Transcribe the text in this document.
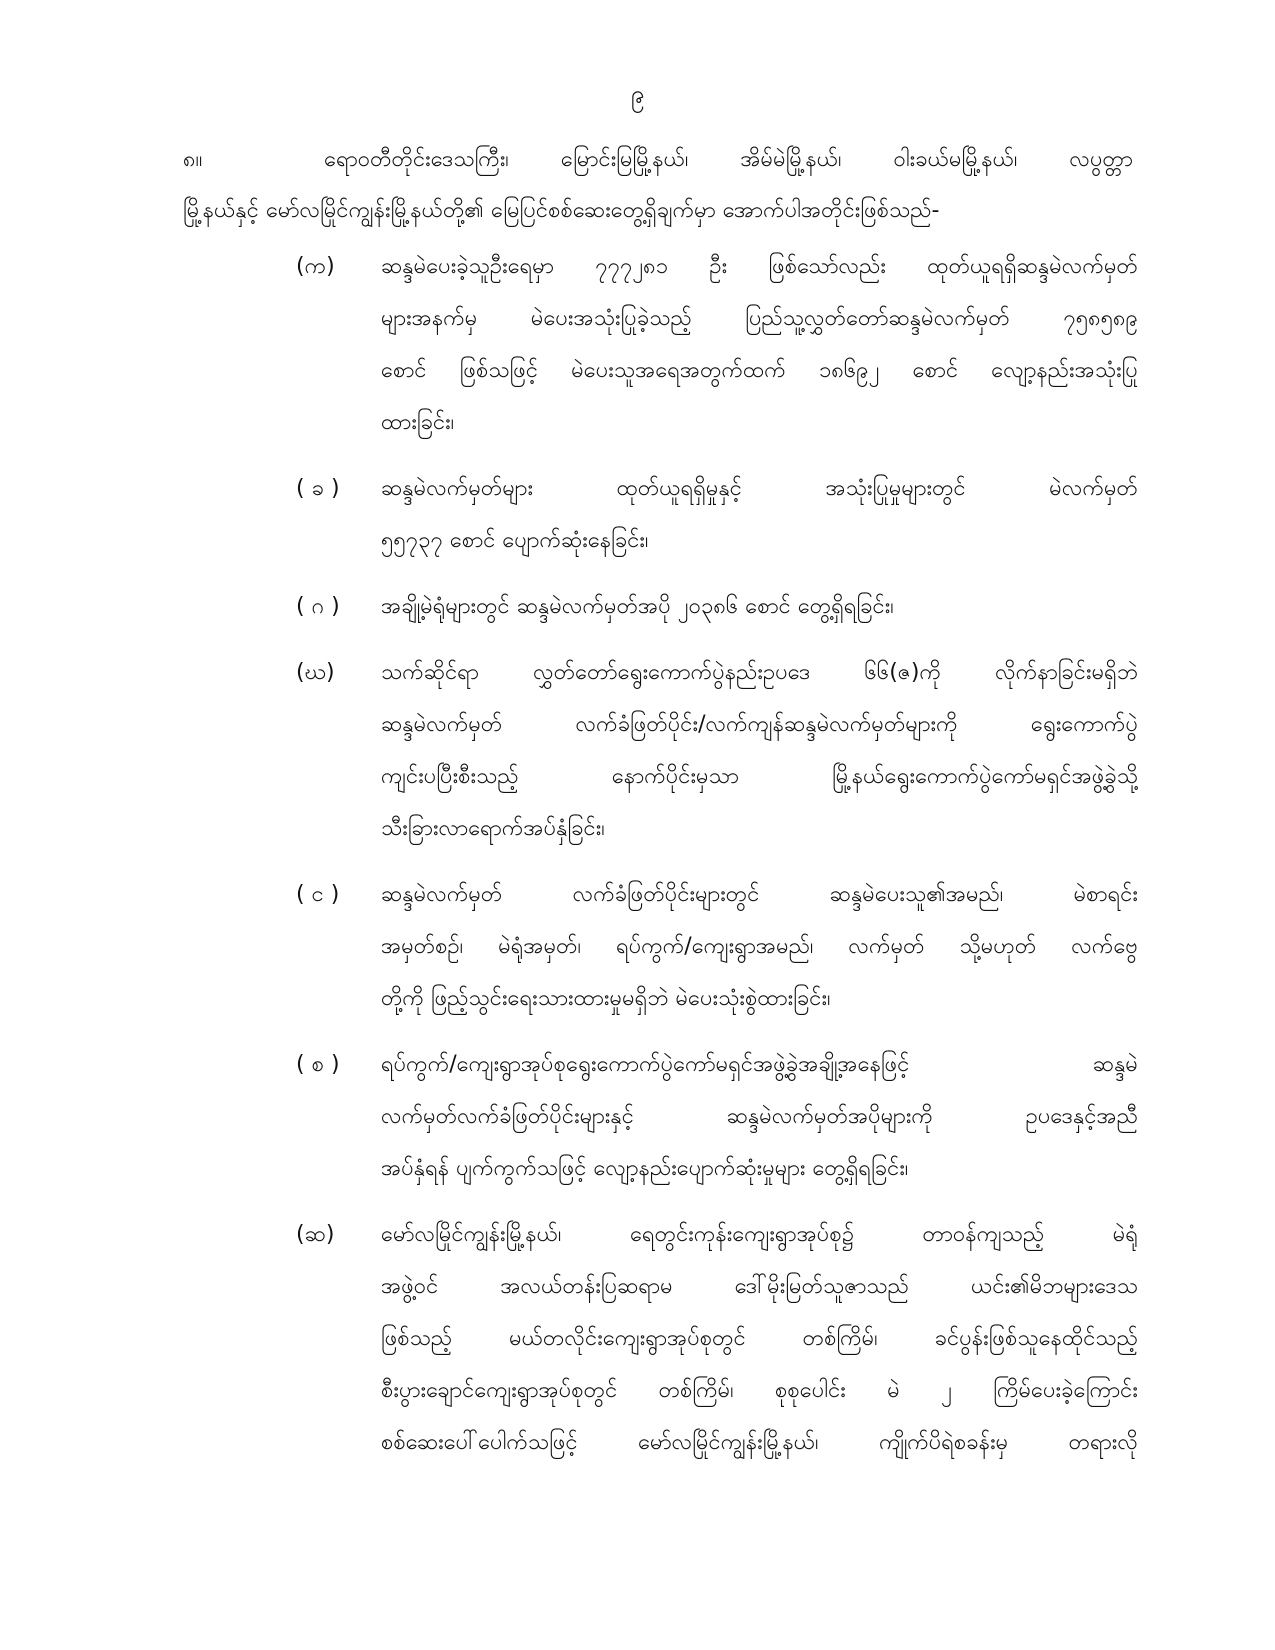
၉
၈။	ရောဝတီတိုင်းဒေသကြီး၊ မြောင်းမြမြို့နယ်၊ အိမ်မဲမြို့နယ်၊ ဝါးခယ်မမြို့နယ်၊ လပွတ္တာ
မြို့နယ်နှင့် မော်လမြိုင်ကျွန်းမြို့နယ်တို့၏ မြေပြင်စစ်ဆေးတွေ့ရှိချက်မှာ အောက်ပါအတိုင်းဖြစ်သည်-
(က)	ဆန္ဒမဲပေးခဲ့သူဦးရေမှာ ၇၇၇၂၈၁ ဦး ဖြစ်သော်လည်း ထုတ်ယူရရှိဆန္ဒမဲလက်မှတ်
များအနက်မှ မဲပေးအသုံးပြုခဲ့သည့် ပြည်သူ့လွှတ်တော်ဆန္ဒမဲလက်မှတ် ၇၅၈၅၈၉
စောင် ဖြစ်သဖြင့် မဲပေးသူအရေအတွက်ထက် ၁၈၆၉၂ စောင် လျော့နည်းအသုံးပြု
ထားခြင်း၊
( ခ )	ဆန္ဒမဲလက်မှတ်များ	ထုတ်ယူရရှိမှုနှင့်	အသုံးပြုမှုများတွင်	မဲလက်မှတ်
၅၅၇၃၇ စောင် ပျောက်ဆုံးနေခြင်း၊
( ဂ )	အချို့မဲရုံများတွင် ဆန္ဒမဲလက်မှတ်အပို ၂၀၃၈၆ စောင် တွေ့ရှိရခြင်း၊
(ဃ)	သက်ဆိုင်ရာ လွှတ်တော်ရွေးကောက်ပွဲနည်းဥပဒေ ၆၆(ဇ)ကို လိုက်နာခြင်းမရှိဘဲ
ဆန္ဒမဲလက်မှတ်	လက်ခံဖြတ်ပိုင်း/လက်ကျန်ဆန္ဒမဲလက်မှတ်များကို	ရွေးကောက်ပွဲ
ကျင်းပပြီးစီးသည့်	နောက်ပိုင်းမှသာ	မြို့နယ်ရွေးကောက်ပွဲကော်မရှင်အဖွဲ့ခွဲသို့
သီးခြားလာရောက်အပ်နှံခြင်း၊
( င )	ဆန္ဒမဲလက်မှတ်	လက်ခံဖြတ်ပိုင်းများတွင်	ဆန္ဒမဲပေးသူ၏အမည်၊	မဲစာရင်း
အမှတ်စဉ်၊ မဲရုံအမှတ်၊ ရပ်ကွက်/ကျေးရွာအမည်၊ လက်မှတ် သို့မဟုတ် လက်ဗွေ
တို့ကို ဖြည့်သွင်းရေးသားထားမှုမရှိဘဲ မဲပေးသုံးစွဲထားခြင်း၊
( စ )	ရပ်ကွက်/ကျေးရွာအုပ်စုရွေးကောက်ပွဲကော်မရှင်အဖွဲ့ခွဲအချို့အနေဖြင့်	ဆန္ဒမဲ
လက်မှတ်လက်ခံဖြတ်ပိုင်းများနှင့်	ဆန္ဒမဲလက်မှတ်အပိုများကို	ဥပဒေနှင့်အညီ
အပ်နှံရန် ပျက်ကွက်သဖြင့် လျော့နည်းပျောက်ဆုံးမှုများ တွေ့ရှိရခြင်း၊
(ဆ)	မော်လမြိုင်ကျွန်းမြို့နယ်၊	ရေတွင်းကုန်းကျေးရွာအုပ်စု၌	တာဝန်ကျသည့်	မဲရုံ
အဖွဲ့ဝင်	အလယ်တန်းပြဆရာမ	ဒေါ်မိုးမြတ်သူဇာသည်	ယင်း၏မိဘများဒေသ
ဖြစ်သည့်	မယ်တလိုင်းကျေးရွာအုပ်စုတွင်	တစ်ကြိမ်၊	ခင်ပွန်းဖြစ်သူနေထိုင်သည့်
စီးပွားချောင်ကျေးရွာအုပ်စုတွင် တစ်ကြိမ်၊ စုစုပေါင်း မဲ ၂ ကြိမ်ပေးခဲ့ကြောင်း
စစ်ဆေးပေါ်ပေါက်သဖြင့်	မော်လမြိုင်ကျွန်းမြို့နယ်၊	ကျိုက်ပိရဲစခန်းမှ	တရားလို
